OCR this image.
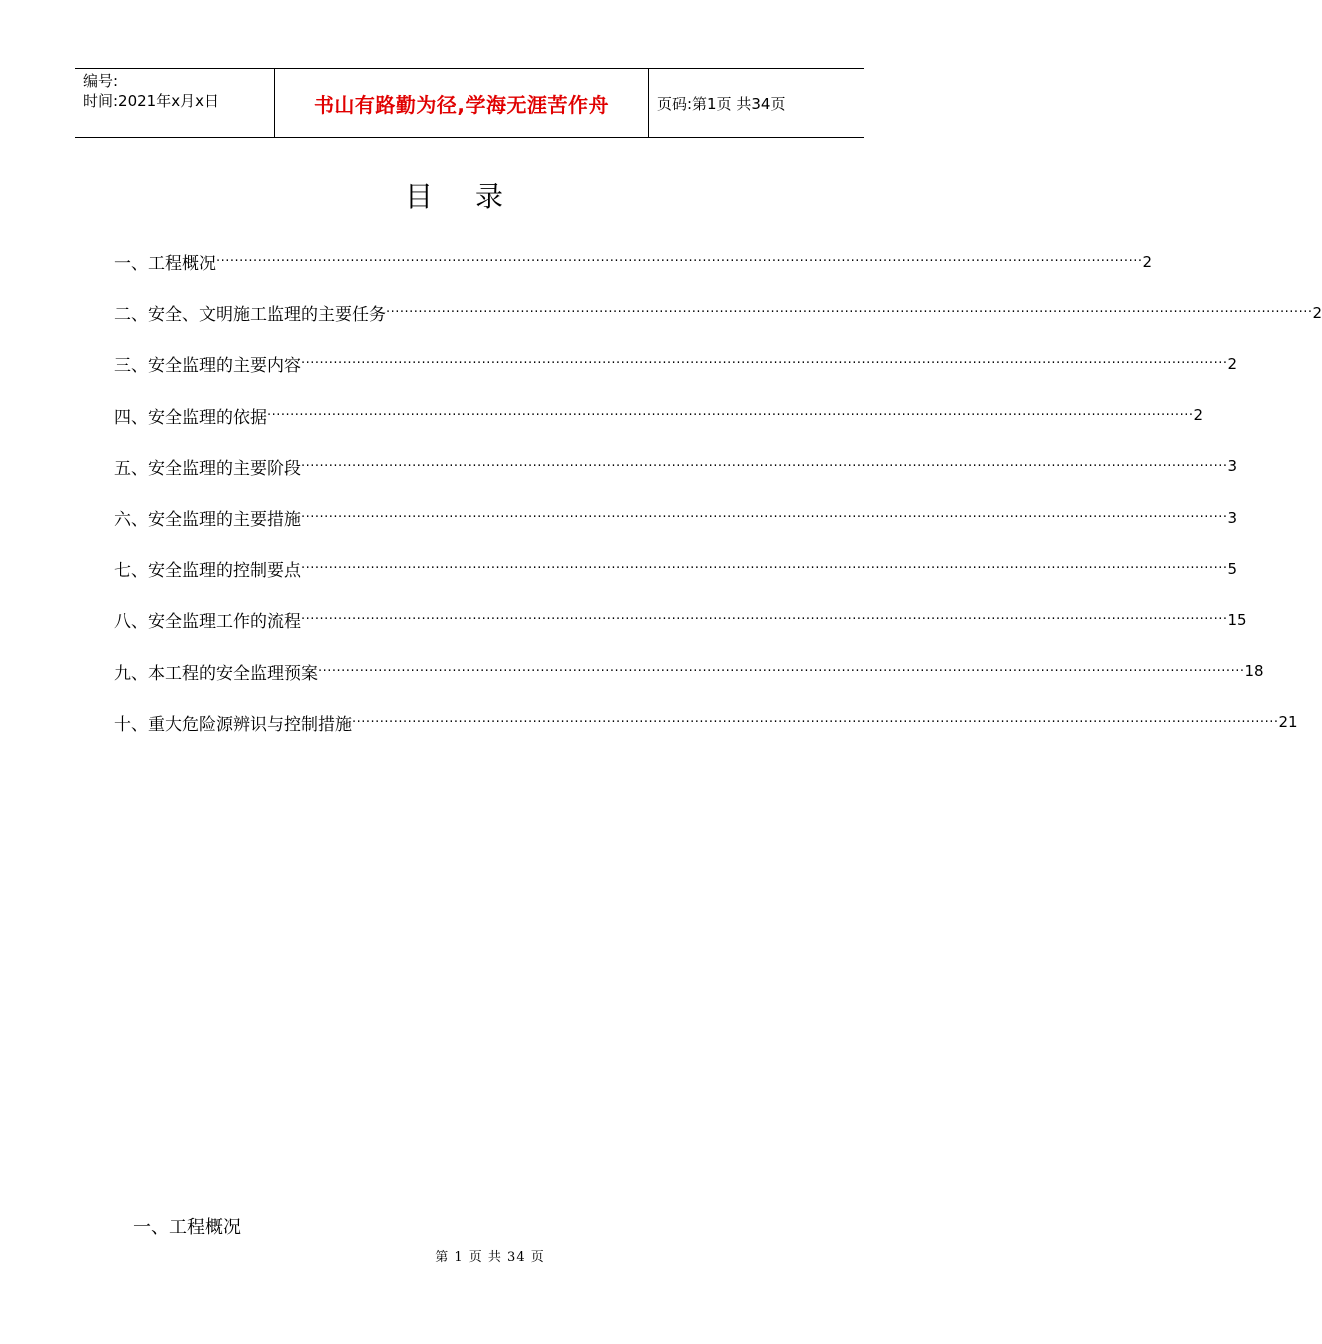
编号:
时间:2021年x月x日	书山有路勤为径,学海无涯苦作舟	页码:第1页 共34页
目录
一、工程概况 ········································································································································································································ 2
二、安全、文明施工监理的主要任务 ········································································································································································································ 2
三、安全监理的主要内容 ········································································································································································································ 2
四、安全监理的依据 ········································································································································································································ 2
五、安全监理的主要阶段 ········································································································································································································ 3
六、安全监理的主要措施 ········································································································································································································ 3
七、安全监理的控制要点 ········································································································································································································ 5
八、安全监理工作的流程 ········································································································································································································ 15
九、本工程的安全监理预案 ········································································································································································································ 18
十、重大危险源辨识与控制措施 ········································································································································································································ 21
一、工程概况
第 1 页 共 34 页
